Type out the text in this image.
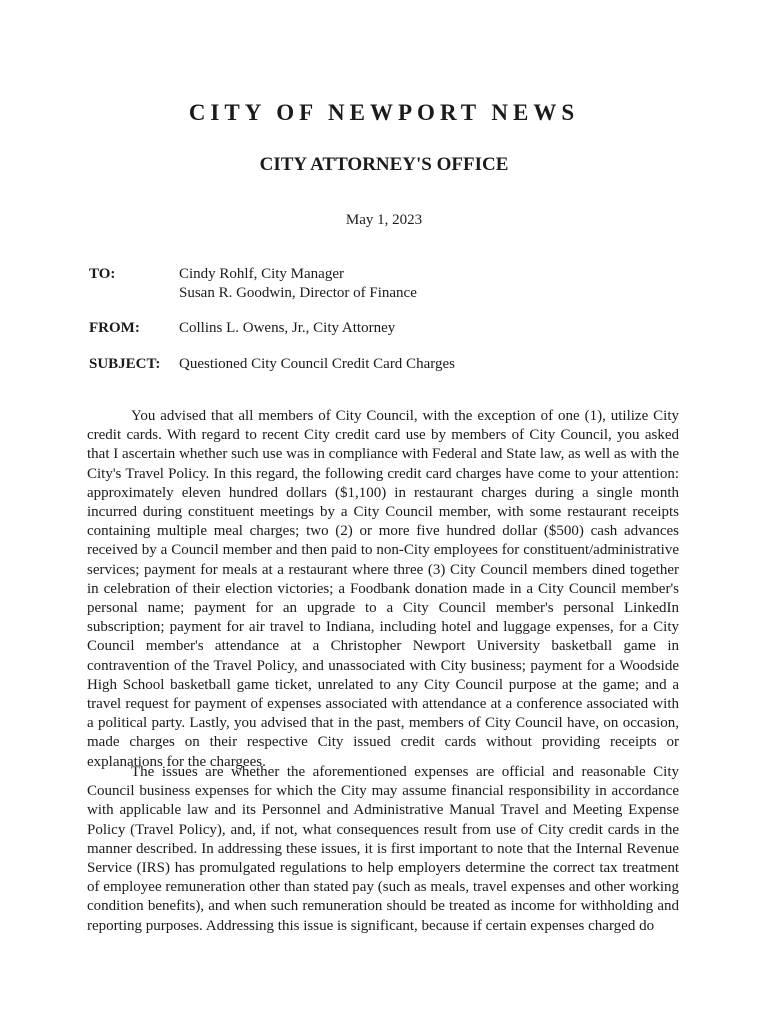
CITY OF NEWPORT NEWS
CITY ATTORNEY'S OFFICE
May 1, 2023
TO:	Cindy Rohlf, City Manager
Susan R. Goodwin, Director of Finance
FROM:	Collins L. Owens, Jr., City Attorney
SUBJECT: Questioned City Council Credit Card Charges

You advised that all members of City Council, with the exception of one (1), utilize City credit cards. With regard to recent City credit card use by members of City Council, you asked that I ascertain whether such use was in compliance with Federal and State law, as well as with the City's Travel Policy. In this regard, the following credit card charges have come to your attention: approximately eleven hundred dollars ($1,100) in restaurant charges during a single month incurred during constituent meetings by a City Council member, with some restaurant receipts containing multiple meal charges; two (2) or more five hundred dollar ($500) cash advances received by a Council member and then paid to non-City employees for constituent/administrative services; payment for meals at a restaurant where three (3) City Council members dined together in celebration of their election victories; a Foodbank donation made in a City Council member's personal name; payment for an upgrade to a City Council member's personal LinkedIn subscription; payment for air travel to Indiana, including hotel and luggage expenses, for a City Council member's attendance at a Christopher Newport University basketball game in contravention of the Travel Policy, and unassociated with City business; payment for a Woodside High School basketball game ticket, unrelated to any City Council purpose at the game; and a travel request for payment of expenses associated with attendance at a conference associated with a political party. Lastly, you advised that in the past, members of City Council have, on occasion, made charges on their respective City issued credit cards without providing receipts or explanations for the chargees.

The issues are whether the aforementioned expenses are official and reasonable City Council business expenses for which the City may assume financial responsibility in accordance with applicable law and its Personnel and Administrative Manual Travel and Meeting Expense Policy (Travel Policy), and, if not, what consequences result from use of City credit cards in the manner described. In addressing these issues, it is first important to note that the Internal Revenue Service (IRS) has promulgated regulations to help employers determine the correct tax treatment of employee remuneration other than stated pay (such as meals, travel expenses and other working condition benefits), and when such remuneration should be treated as income for withholding and reporting purposes. Addressing this issue is significant, because if certain expenses charged do
